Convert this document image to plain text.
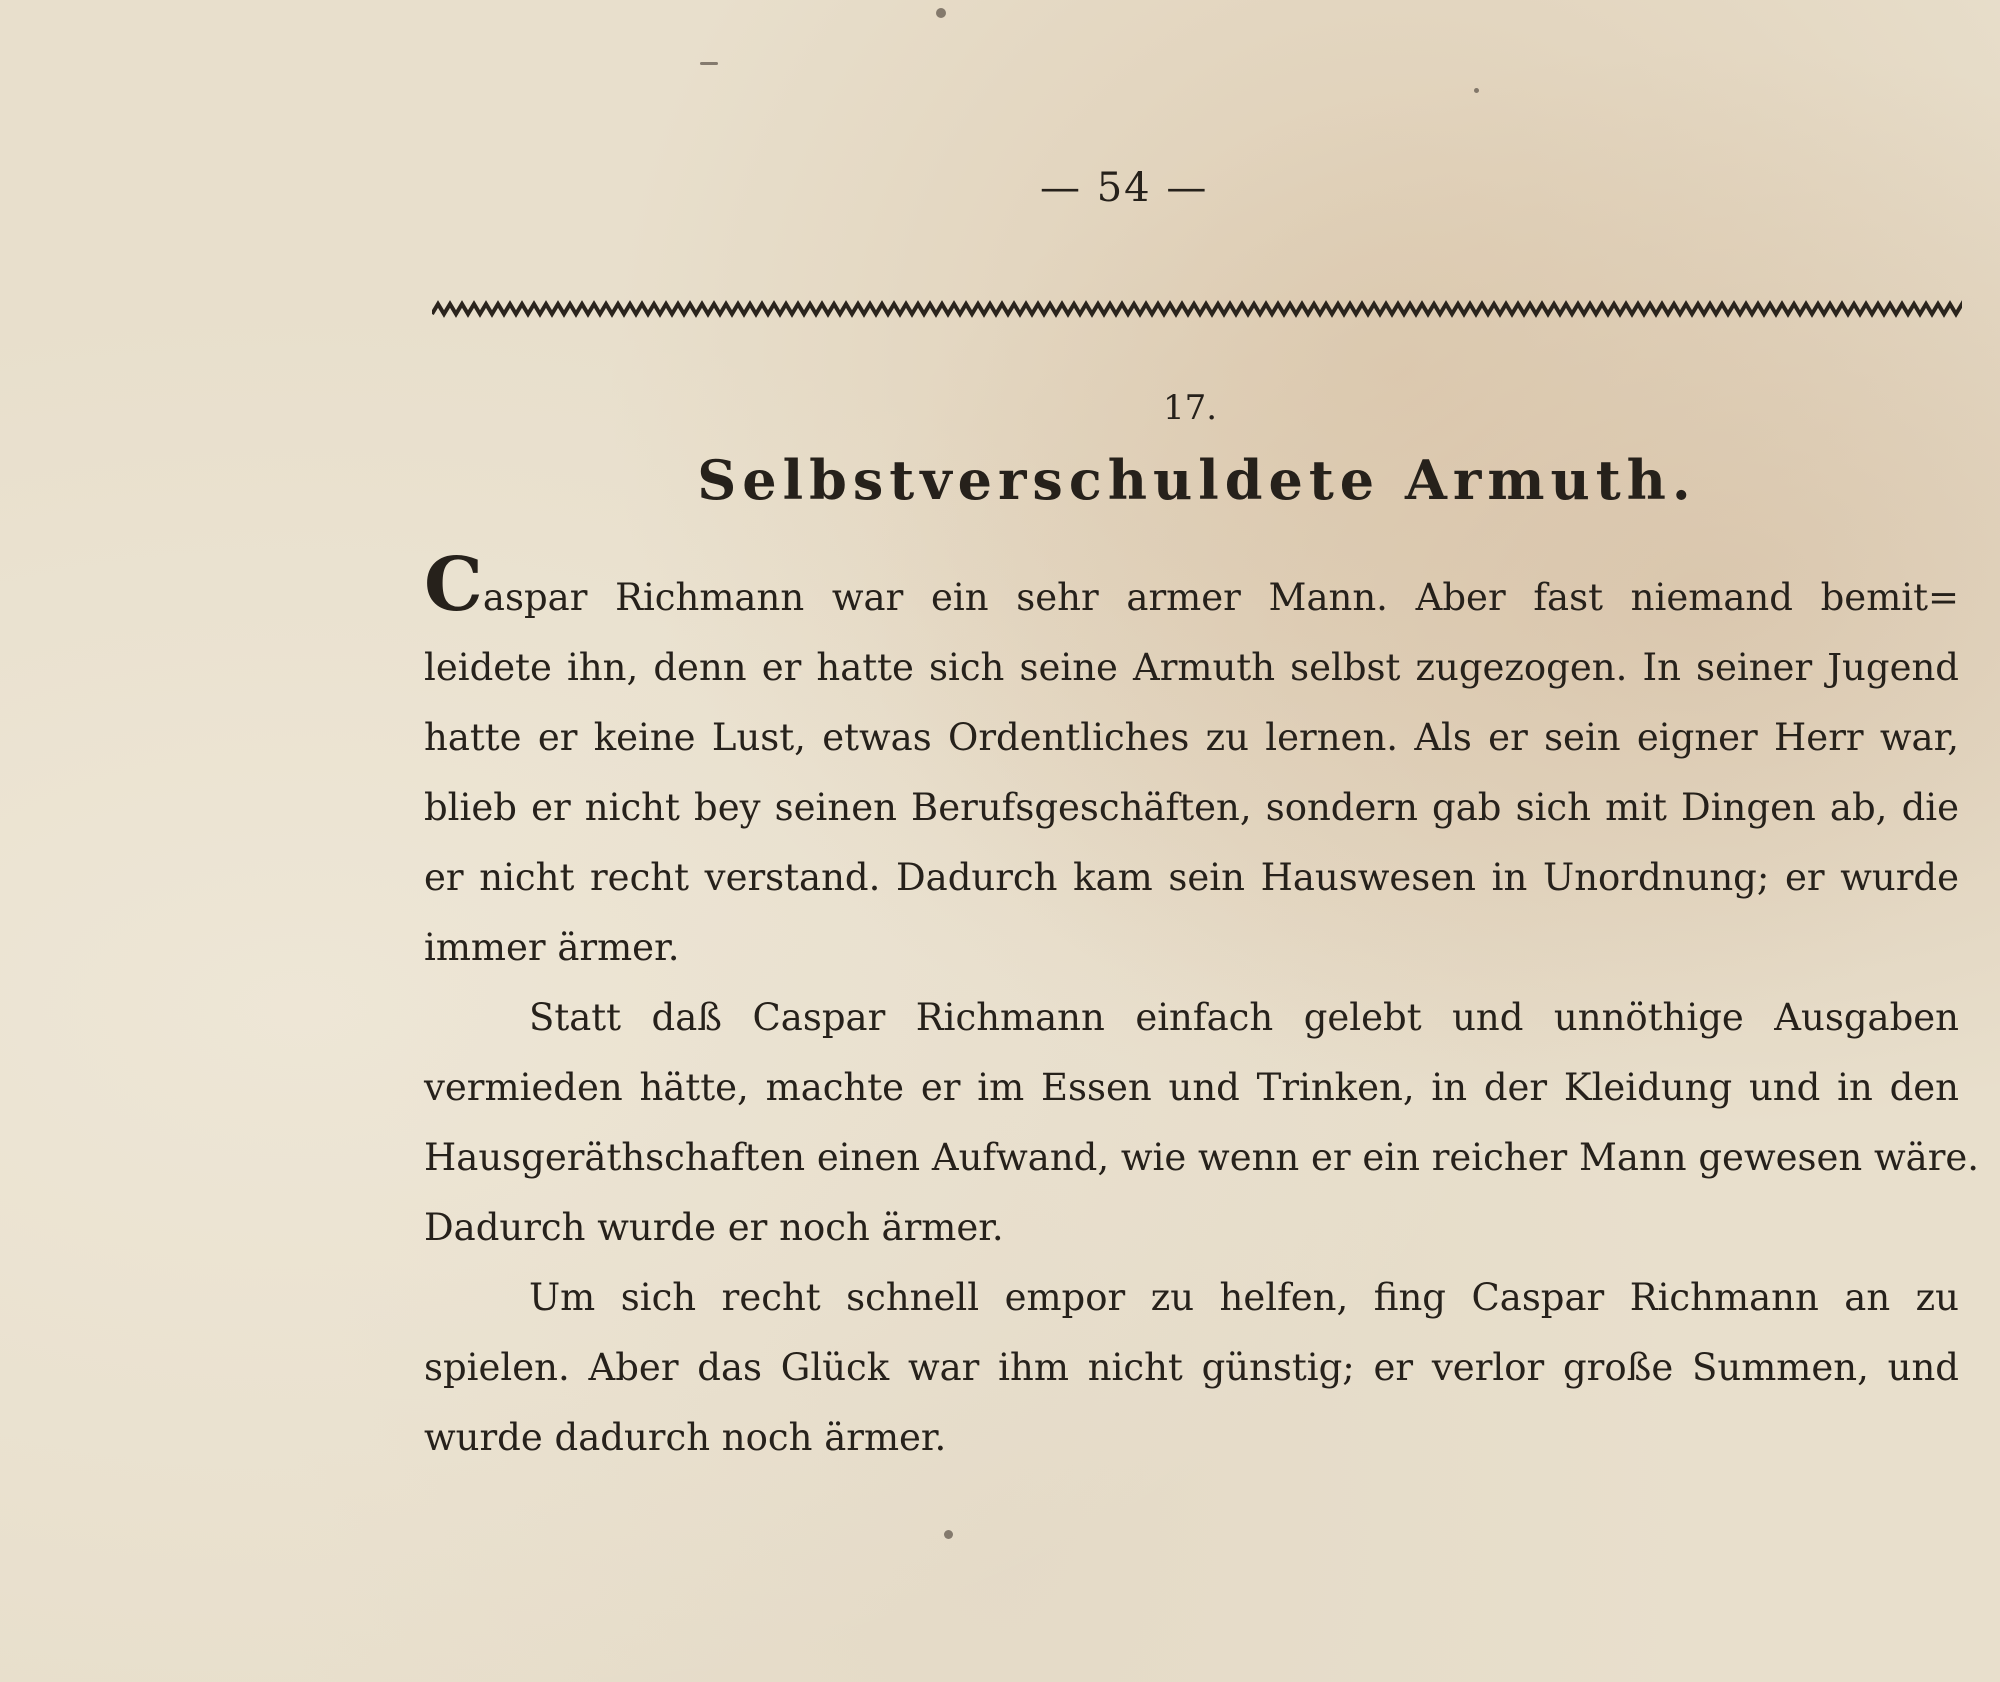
— 54 —
17.
Selbstverschuldete Armuth.
Caspar Richmann war ein sehr armer Mann. Aber fast niemand bemit=
leidete ihn, denn er hatte sich seine Armuth selbst zugezogen. In seiner Jugend
hatte er keine Lust, etwas Ordentliches zu lernen. Als er sein eigner Herr war,
blieb er nicht bey seinen Berufsgeschäften, sondern gab sich mit Dingen ab, die
er nicht recht verstand. Dadurch kam sein Hauswesen in Unordnung; er wurde
immer ärmer.
Statt daß Caspar Richmann einfach gelebt und unnöthige Ausgaben
vermieden hätte, machte er im Essen und Trinken, in der Kleidung und in den
Hausgeräthschaften einen Aufwand, wie wenn er ein reicher Mann gewesen wäre.
Dadurch wurde er noch ärmer.
Um sich recht schnell empor zu helfen, fing Caspar Richmann an zu
spielen. Aber das Glück war ihm nicht günstig; er verlor große Summen, und
wurde dadurch noch ärmer.
